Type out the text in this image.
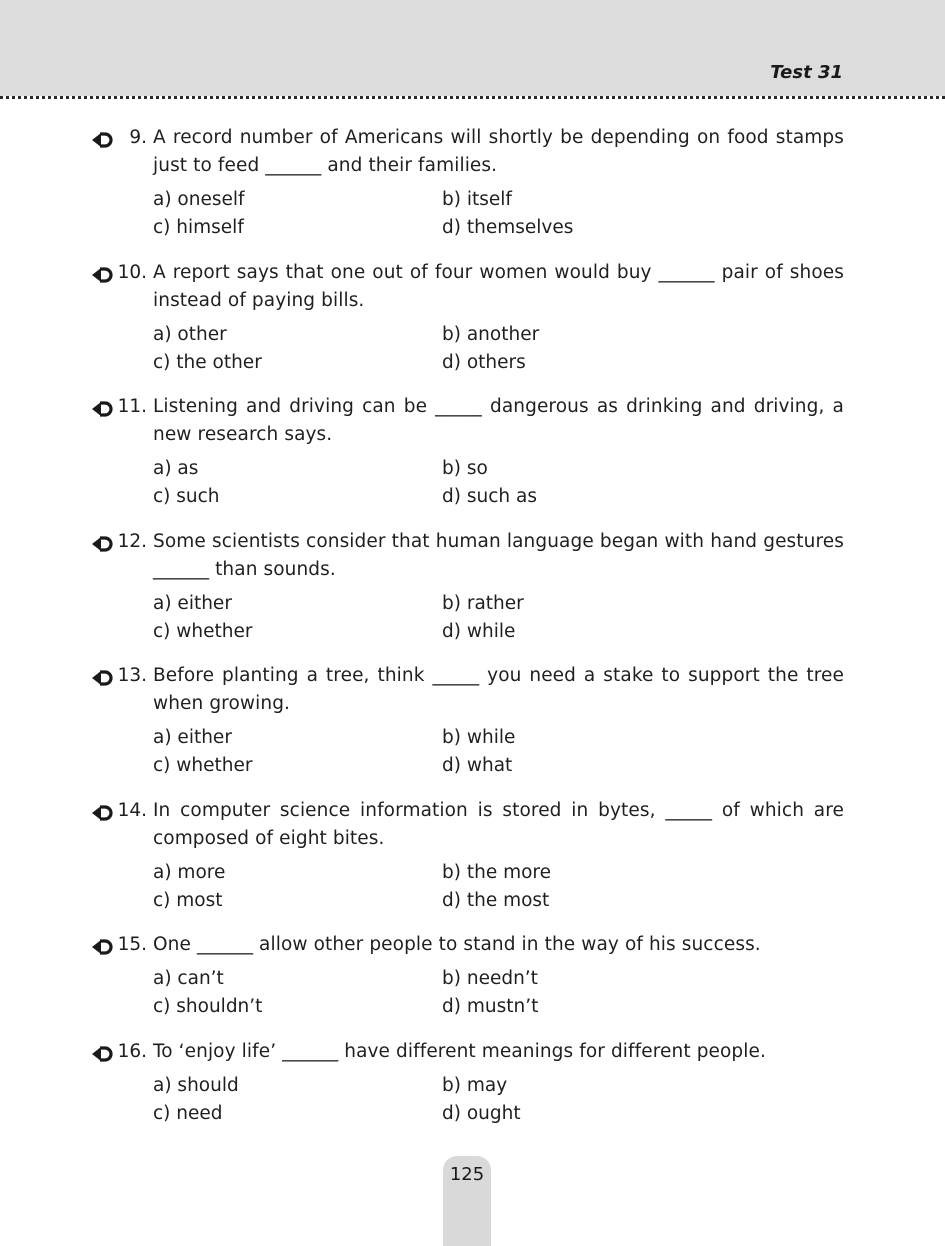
Test 31
9. A record number of Americans will shortly be depending on food stamps just to feed ______ and their families.
a) oneself	b) itself
c) himself	d) themselves
10. A report says that one out of four women would buy ______ pair of shoes instead of paying bills.
a) other	b) another
c) the other	d) others
11. Listening and driving can be _____ dangerous as drinking and driving, a new research says.
a) as	b) so
c) such	d) such as
12. Some scientists consider that human language began with hand gestures ______ than sounds.
a) either	b) rather
c) whether	d) while
13. Before planting a tree, think _____ you need a stake to support the tree when growing.
a) either	b) while
c) whether	d) what
14. In computer science information is stored in bytes, _____ of which are composed of eight bites.
a) more	b) the more
c) most	d) the most
15. One ______ allow other people to stand in the way of his success.
a) can’t	b) needn’t
c) shouldn’t	d) mustn’t
16. To ‘enjoy life’ ______ have different meanings for different people.
a) should	b) may
c) need	d) ought
125
